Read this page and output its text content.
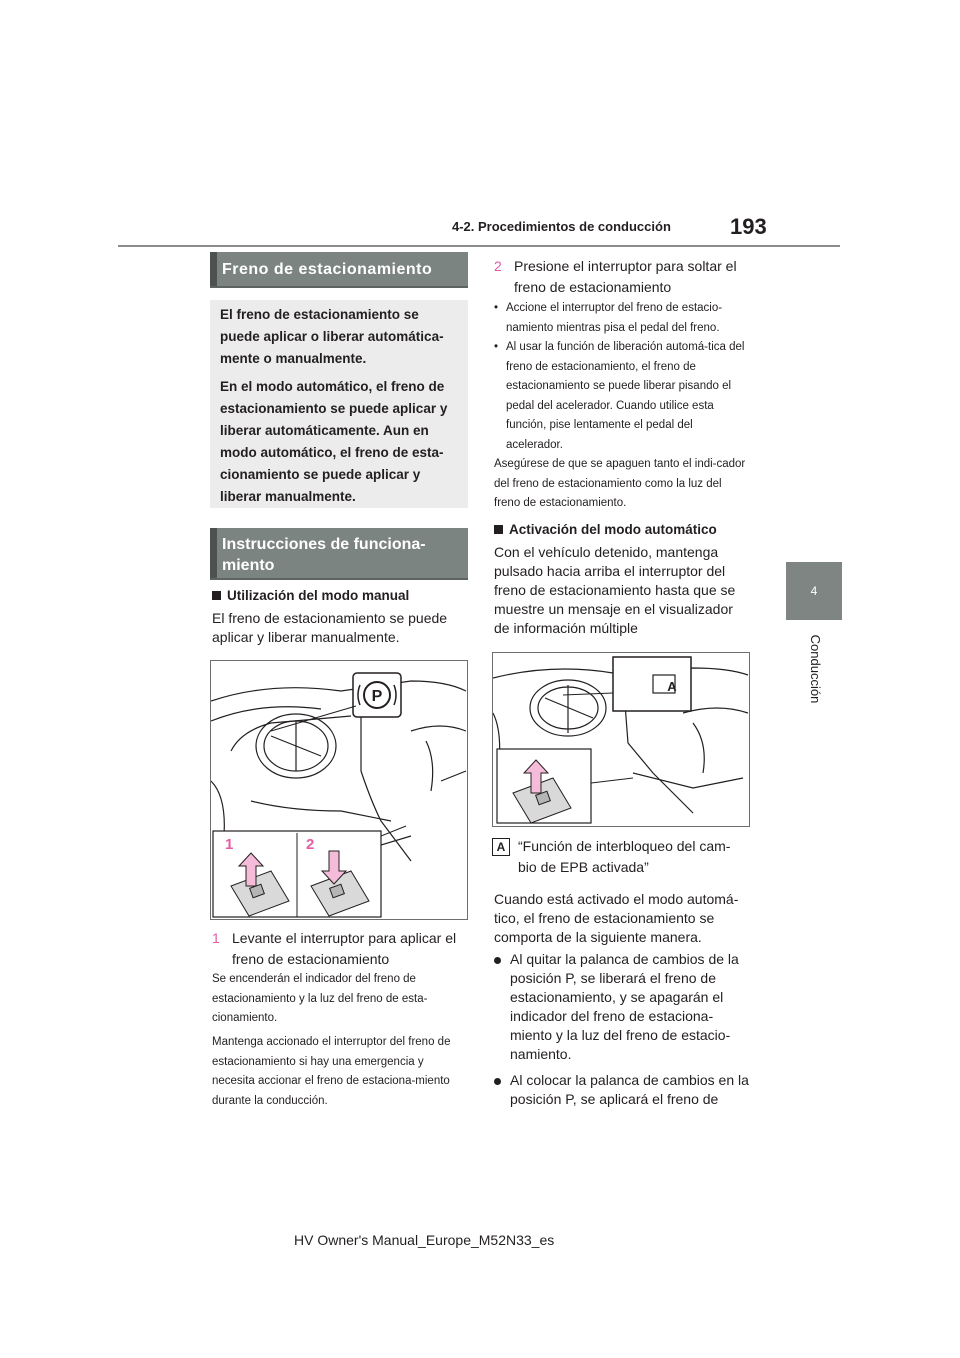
4-2. Procedimientos de conducción	193
4
Conducción
Freno de estacionamiento

El freno de estacionamiento se puede aplicar o liberar automática-mente o manualmente.

En el modo automático, el freno de estacionamiento se puede aplicar y liberar automáticamente. Aun en modo automático, el freno de esta-cionamiento se puede aplicar y liberar manualmente.

Instrucciones de funciona-miento
Utilización del modo manual
El freno de estacionamiento se puede aplicar y liberar manualmente.
P
1	2
1 Levante el interruptor para aplicar el freno de estacionamiento
Se encenderán el indicador del freno de estacionamiento y la luz del freno de esta-cionamiento.
Mantenga accionado el interruptor del freno de estacionamiento si hay una emergencia y necesita accionar el freno de estaciona-miento durante la conducción.
2 Presione el interruptor para soltar el freno de estacionamiento
• Accione el interruptor del freno de estacio-namiento mientras pisa el pedal del freno.
• Al usar la función de liberación automá-tica del freno de estacionamiento, el freno de estacionamiento se puede liberar pisando el pedal del acelerador. Cuando utilice esta función, pise lentamente el pedal del acelerador.
Asegúrese de que se apaguen tanto el indi-cador del freno de estacionamiento como la luz del freno de estacionamiento.
Activación del modo automático
Con el vehículo detenido, mantenga pulsado hacia arriba el interruptor del freno de estacionamiento hasta que se muestre un mensaje en el visualizador de información múltiple
A
A “Función de interbloqueo del cam-bio de EPB activada”
Cuando está activado el modo automá-tico, el freno de estacionamiento se comporta de la siguiente manera.
Al quitar la palanca de cambios de la posición P, se liberará el freno de estacionamiento, y se apagarán el indicador del freno de estaciona-miento y la luz del freno de estacio-namiento.
Al colocar la palanca de cambios en la posición P, se aplicará el freno de
HV Owner's Manual_Europe_M52N33_es
